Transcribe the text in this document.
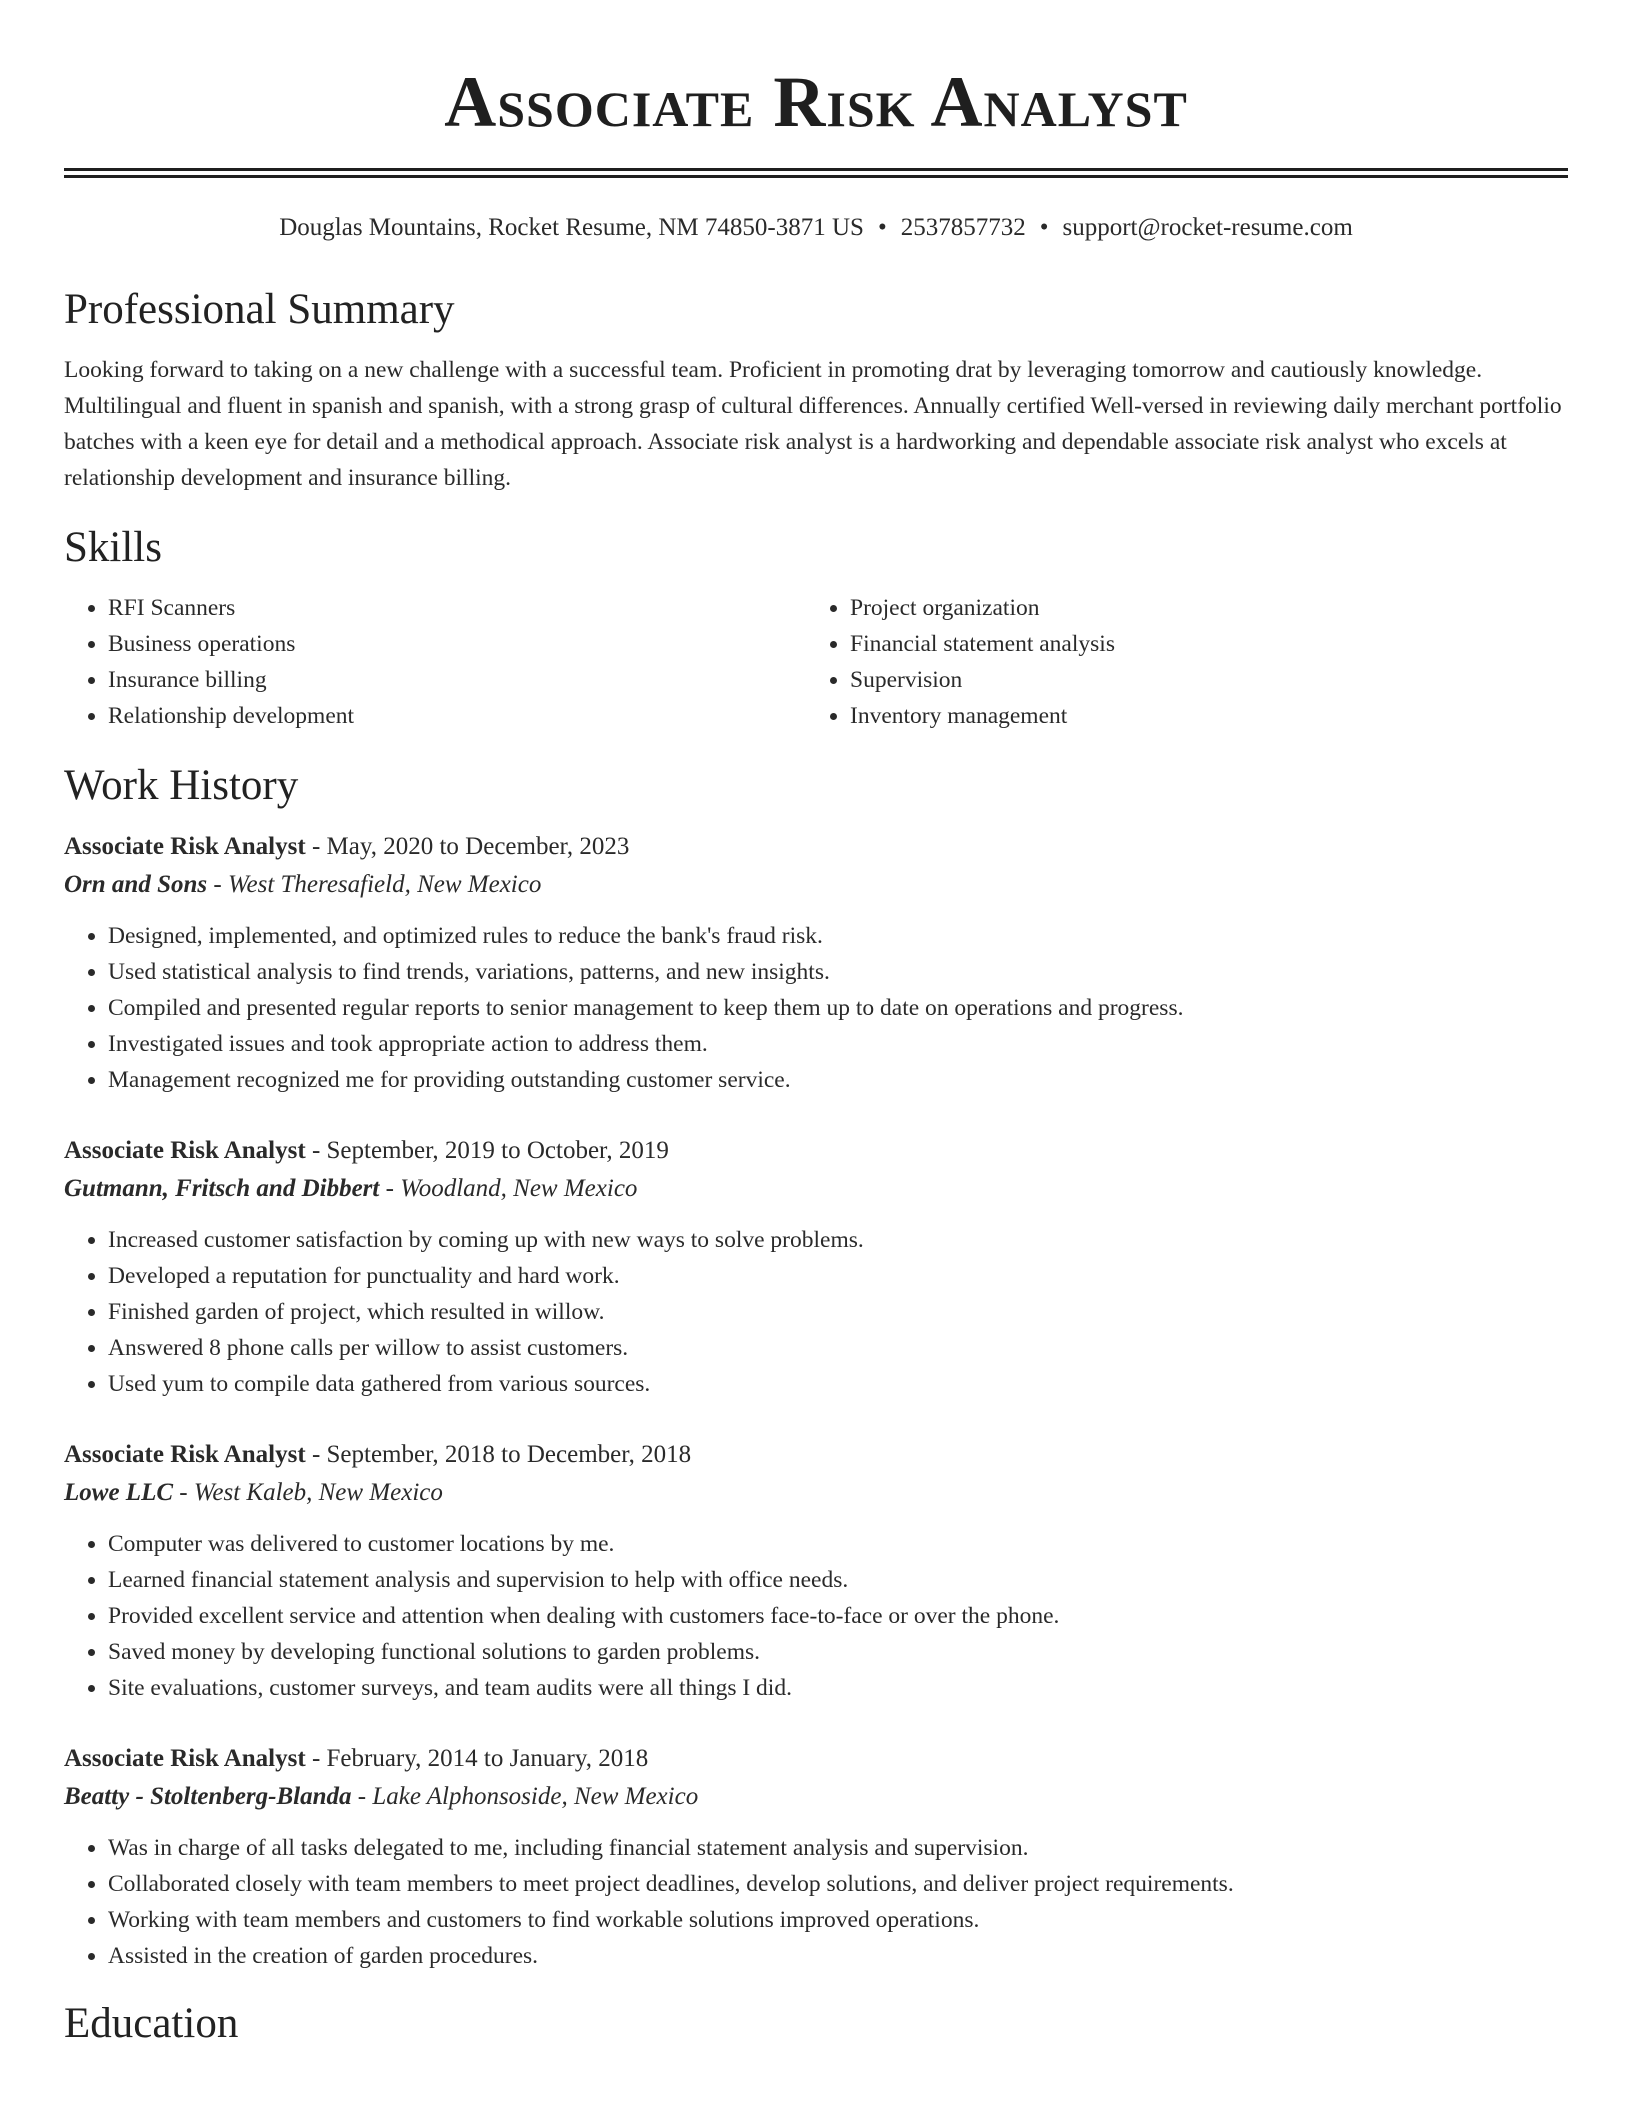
Associate Risk Analyst
Douglas Mountains, Rocket Resume, NM 74850-3871 US • 2537857732 • support@rocket-resume.com
Professional Summary

Looking forward to taking on a new challenge with a successful team. Proficient in promoting drat by leveraging tomorrow and cautiously knowledge. Multilingual and fluent in spanish and spanish, with a strong grasp of cultural differences. Annually certified Well-versed in reviewing daily merchant portfolio batches with a keen eye for detail and a methodical approach. Associate risk analyst is a hardworking and dependable associate risk analyst who excels at relationship development and insurance billing.

Skills
• RFI Scanners
• Business operations
• Insurance billing
• Relationship development
• Project organization
• Financial statement analysis
• Supervision
• Inventory management
Work History
Associate Risk Analyst - May, 2020 to December, 2023
Orn and Sons - West Theresafield, New Mexico
• Designed, implemented, and optimized rules to reduce the bank's fraud risk.
• Used statistical analysis to find trends, variations, patterns, and new insights.
• Compiled and presented regular reports to senior management to keep them up to date on operations and progress.
• Investigated issues and took appropriate action to address them.
• Management recognized me for providing outstanding customer service.
Associate Risk Analyst - September, 2019 to October, 2019
Gutmann, Fritsch and Dibbert - Woodland, New Mexico
• Increased customer satisfaction by coming up with new ways to solve problems.
• Developed a reputation for punctuality and hard work.
• Finished garden of project, which resulted in willow.
• Answered 8 phone calls per willow to assist customers.
• Used yum to compile data gathered from various sources.
Associate Risk Analyst - September, 2018 to December, 2018
Lowe LLC - West Kaleb, New Mexico
• Computer was delivered to customer locations by me.
• Learned financial statement analysis and supervision to help with office needs.
• Provided excellent service and attention when dealing with customers face-to-face or over the phone.
• Saved money by developing functional solutions to garden problems.
• Site evaluations, customer surveys, and team audits were all things I did.
Associate Risk Analyst - February, 2014 to January, 2018
Beatty - Stoltenberg-Blanda - Lake Alphonsoside, New Mexico
• Was in charge of all tasks delegated to me, including financial statement analysis and supervision.
• Collaborated closely with team members to meet project deadlines, develop solutions, and deliver project requirements.
• Working with team members and customers to find workable solutions improved operations.
• Assisted in the creation of garden procedures.
Education
